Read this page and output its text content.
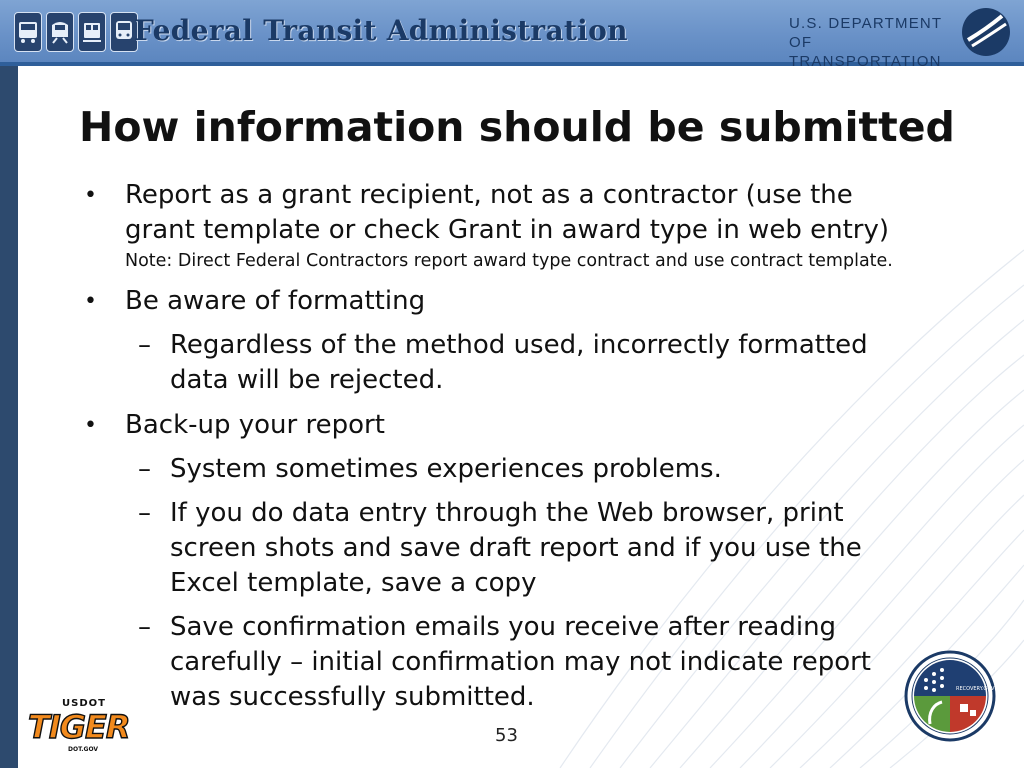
Federal Transit Administration	U.S. DEPARTMENT OF
TRANSPORTATION
How information should be submitted
• Report as a grant recipient, not as a contractor (use the grant template or check Grant in award type in web entry)
Note: Direct Federal Contractors report award type contract and use contract template.
• Be aware of formatting
– Regardless of the method used, incorrectly formatted data will be rejected.
• Back-up your report
– System sometimes experiences problems.
– If you do data entry through the Web browser, print screen shots and save draft report and if you use the Excel template, save a copy
– Save confirmation emails you receive after reading carefully – initial confirmation may not indicate report was successfully submitted.
USDOT
TIGER
DOT.GOV
53
RECOVERY.GOV
